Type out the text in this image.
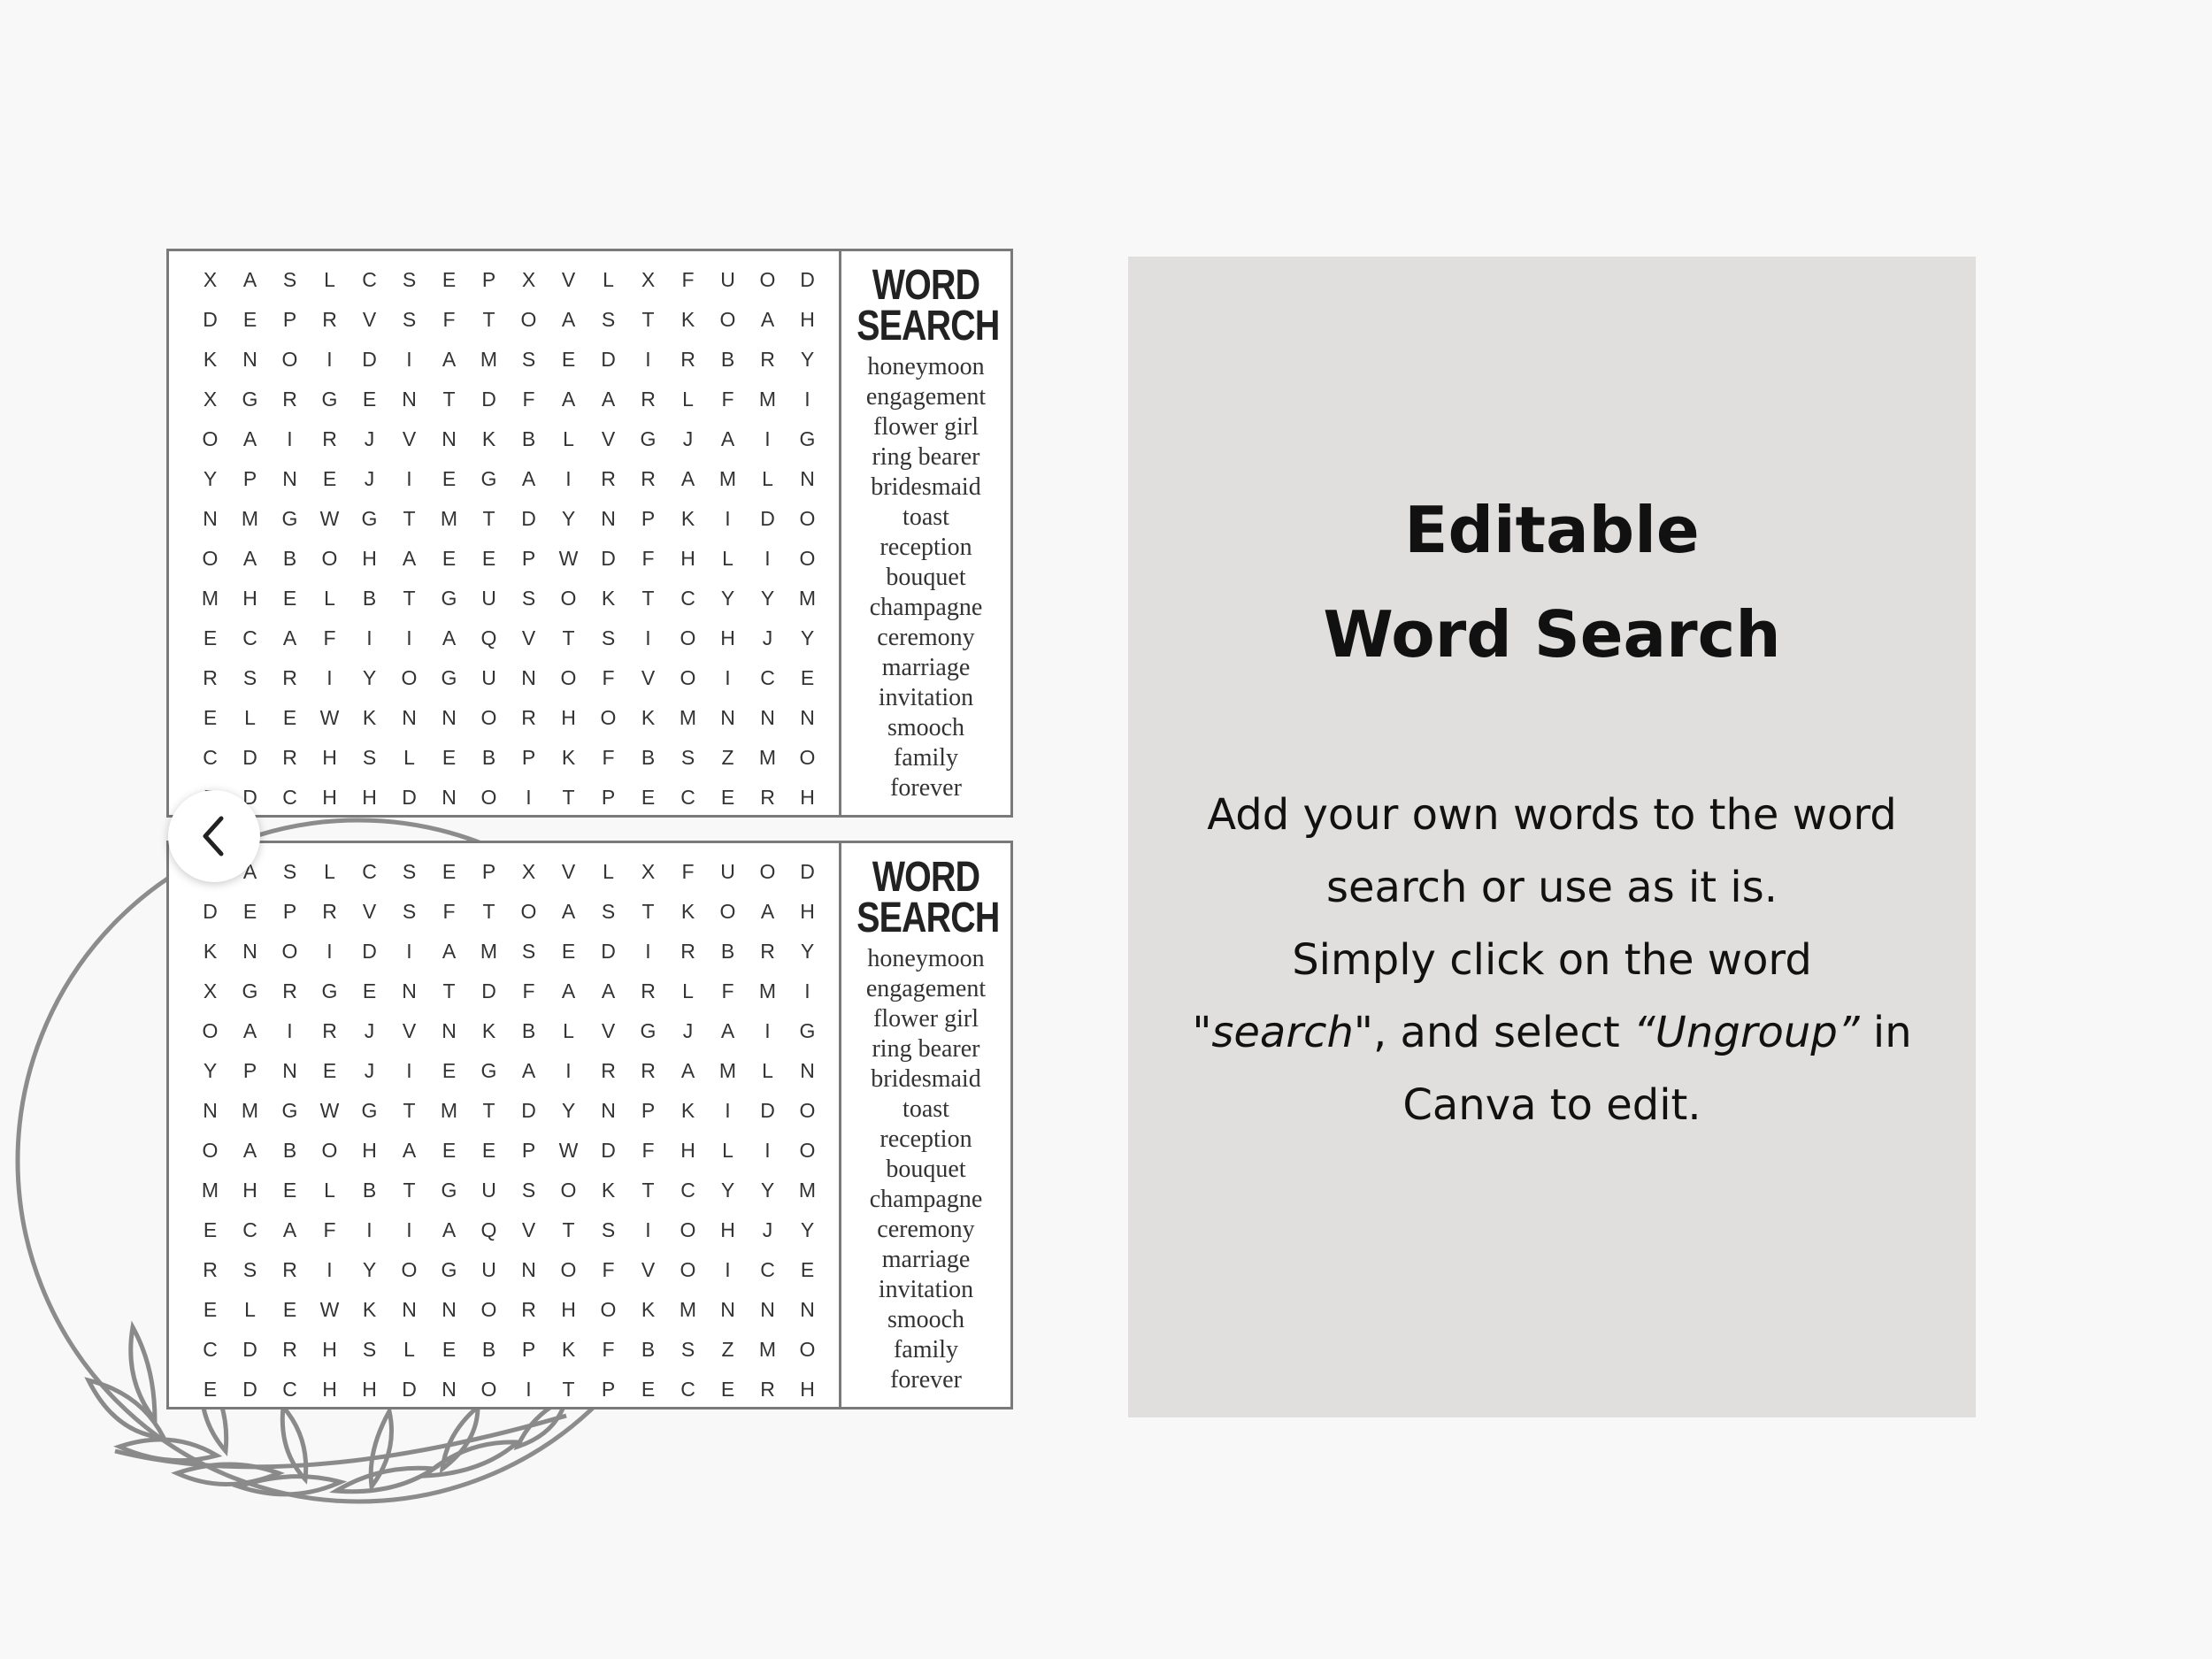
X	A	S	L	C	S	E	P	X	V	L	X	F	U	O	D
D	E	P	R	V	S	F	T	O	A	S	T	K	O	A	H
K	N	O	I	D	I	A	M	S	E	D	I	R	B	R	Y
X	G	R	G	E	N	T	D	F	A	A	R	L	F	M	I
O	A	I	R	J	V	N	K	B	L	V	G	J	A	I	G
Y	P	N	E	J	I	E	G	A	I	R	R	A	M	L	N
N	M	G	W	G	T	M	T	D	Y	N	P	K	I	D	O
O	A	B	O	H	A	E	E	P	W	D	F	H	L	I	O
M	H	E	L	B	T	G	U	S	O	K	T	C	Y	Y	M
E	C	A	F	I	I	A	Q	V	T	S	I	O	H	J	Y
R	S	R	I	Y	O	G	U	N	O	F	V	O	I	C	E
E	L	E	W	K	N	N	O	R	H	O	K	M	N	N	N
C	D	R	H	S	L	E	B	P	K	F	B	S	Z	M	O
D	C	H	H	D	N	O	I	T	P	E	C	E	R	H
WORD
SEARCH
honeymoon
engagement
flower girl
ring bearer
bridesmaid
toast
reception
bouquet
champagne
ceremony
marriage
invitation
smooch
family
forever
A	S	L	C	S	E	P	X	V	L	X	F	U	O	D
D	E	P	R	V	S	F	T	O	A	S	T	K	O	A	H
K	N	O	I	D	I	A	M	S	E	D	I	R	B	R	Y
X	G	R	G	E	N	T	D	F	A	A	R	L	F	M	I
O	A	I	R	J	V	N	K	B	L	V	G	J	A	I	G
Y	P	N	E	J	I	E	G	A	I	R	R	A	M	L	N
N	M	G	W	G	T	M	T	D	Y	N	P	K	I	D	O
O	A	B	O	H	A	E	E	P	W	D	F	H	L	I	O
M	H	E	L	B	T	G	U	S	O	K	T	C	Y	Y	M
E	C	A	F	I	I	A	Q	V	T	S	I	O	H	J	Y
R	S	R	I	Y	O	G	U	N	O	F	V	O	I	C	E
E	L	E	W	K	N	N	O	R	H	O	K	M	N	N	N
C	D	R	H	S	L	E	B	P	K	F	B	S	Z	M	O
E	D	C	H	H	D	N	O	I	T	P	E	C	E	R	H
WORD
SEARCH
honeymoon
engagement
flower girl
ring bearer
bridesmaid
toast
reception
bouquet
champagne
ceremony
marriage
invitation
smooch
family
forever
Editable
Word Search
Add your own words to the word
search or use as it is.
Simply click on the word
"search", and select “Ungroup” in
Canva to edit.
